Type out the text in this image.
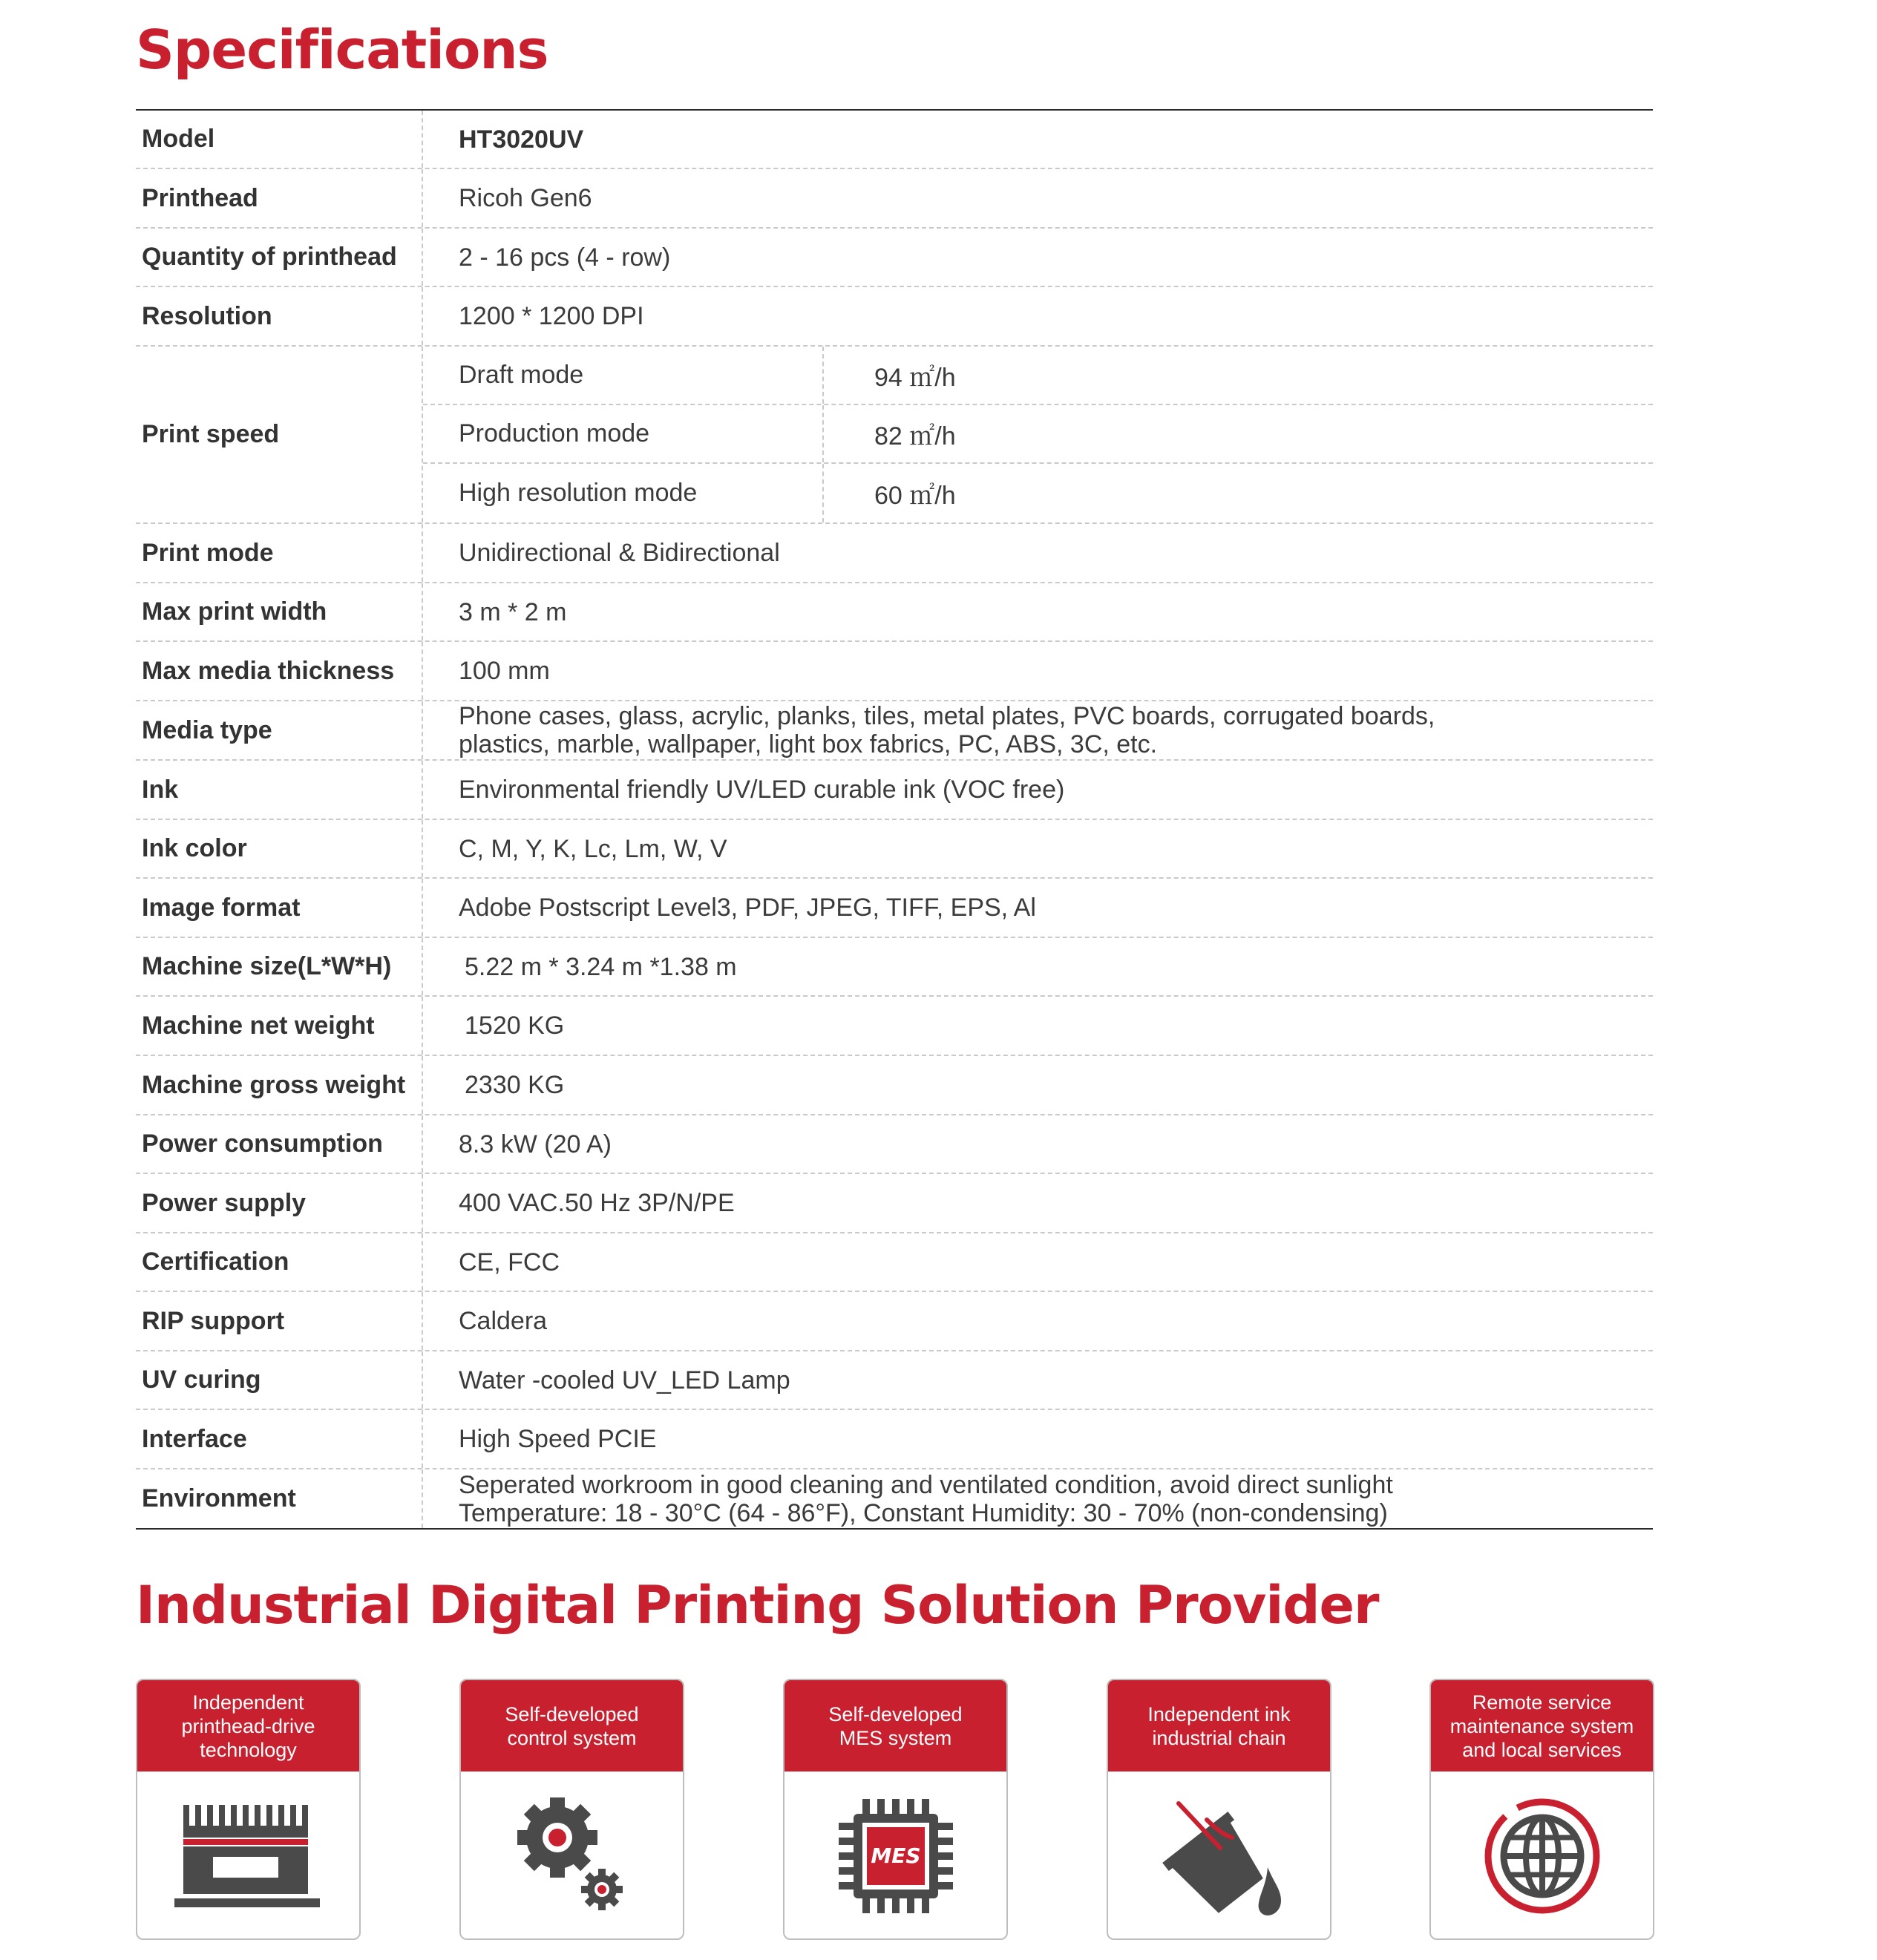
Specifications
Model	HT3020UV
Printhead	Ricoh Gen6
Quantity of printhead	2 - 16 pcs (4 - row)
Resolution	1200 * 1200 DPI
Print speed
Draft mode	94 ㎡/h
Production mode	82 ㎡/h
High resolution mode	60 ㎡/h
Print mode	Unidirectional & Bidirectional
Max print width	3 m * 2 m
Max media thickness	100 mm
Media type	Phone cases, glass, acrylic, planks, tiles, metal plates, PVC boards, corrugated boards,
plastics, marble, wallpaper, light box fabrics, PC, ABS, 3C, etc.
Ink	Environmental friendly UV/LED curable ink (VOC free)
Ink color	C, M, Y, K, Lc, Lm, W, V
Image format	Adobe Postscript Level3, PDF, JPEG, TIFF, EPS, Al
Machine size(L*W*H)	5.22 m * 3.24 m *1.38 m
Machine net weight	1520 KG
Machine gross weight	2330 KG
Power consumption	8.3 kW (20 A)
Power supply	400 VAC.50 Hz 3P/N/PE
Certification	CE, FCC
RIP support	Caldera
UV curing	Water -cooled UV_LED Lamp
Interface	High Speed PCIE
Environment	Seperated workroom in good cleaning and ventilated condition, avoid direct sunlight
Temperature: 18 - 30°C (64 - 86°F), Constant Humidity: 30 - 70% (non-condensing)
Industrial Digital Printing Solution Provider
Independent
printhead-drive
technology
Self-developed
control system
Self-developed
MES system
MES
Independent ink
industrial chain
Remote service
maintenance system
and local services
